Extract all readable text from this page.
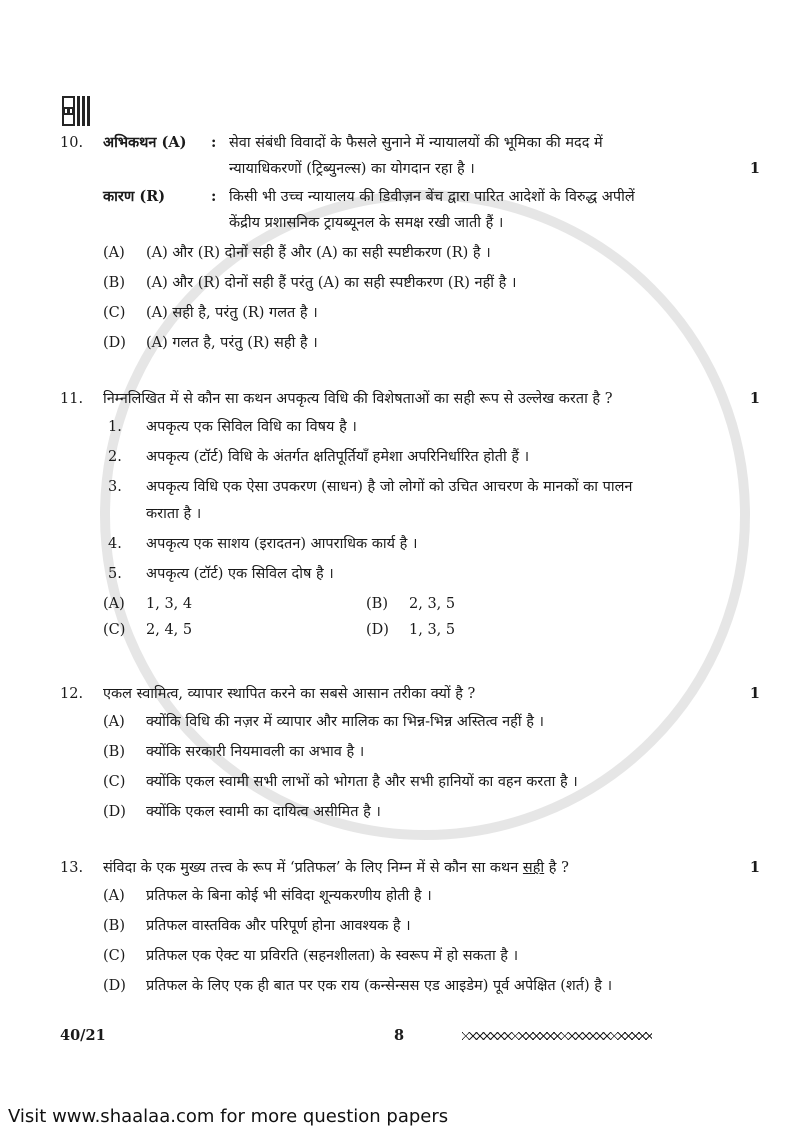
10.	अभिकथन (A)	: सेवा संबंधी विवादों के फैसले सुनाने में न्यायालयों की भूमिका की मदद में
न्यायाधिकरणों (ट्रिब्युनल्स) का योगदान रहा है ।	1
कारण (R)	: किसी भी उच्च न्यायालय की डिवीज़न बेंच द्वारा पारित आदेशों के विरुद्ध अपीलें
केंद्रीय प्रशासनिक ट्रायब्यूनल के समक्ष रखी जाती हैं ।
(A)	(A) और (R) दोनों सही हैं और (A) का सही स्पष्टीकरण (R) है ।
(B)	(A) और (R) दोनों सही हैं परंतु (A) का सही स्पष्टीकरण (R) नहीं है ।
(C)	(A) सही है, परंतु (R) गलत है ।
(D)	(A) गलत है, परंतु (R) सही है ।
11.	निम्नलिखित में से कौन सा कथन अपकृत्य विधि की विशेषताओं का सही रूप से उल्लेख करता है ?	1
1.	अपकृत्य एक सिविल विधि का विषय है ।
2.	अपकृत्य (टॉर्ट) विधि के अंतर्गत क्षतिपूर्तियाँ हमेशा अपरिनिर्धारित होती हैं ।
3.	अपकृत्य विधि एक ऐसा उपकरण (साधन) है जो लोगों को उचित आचरण के मानकों का पालन
कराता है ।
4.	अपकृत्य एक साशय (इरादतन) आपराधिक कार्य है ।
5.	अपकृत्य (टॉर्ट) एक सिविल दोष है ।
(A)	1, 3, 4	(B)	2, 3, 5
(C)	2, 4, 5	(D)	1, 3, 5
12.	एकल स्वामित्व, व्यापार स्थापित करने का सबसे आसान तरीका क्यों है ?	1
(A)	क्योंकि विधि की नज़र में व्यापार और मालिक का भिन्न-भिन्न अस्तित्व नहीं है ।
(B)	क्योंकि सरकारी नियमावली का अभाव है ।
(C)	क्योंकि एकल स्वामी सभी लाभों को भोगता है और सभी हानियों का वहन करता है ।
(D)	क्योंकि एकल स्वामी का दायित्व असीमित है ।
13.	संविदा के एक मुख्य तत्त्व के रूप में ‘प्रतिफल’ के लिए निम्न में से कौन सा कथन सही है ?	1
(A)	प्रतिफल के बिना कोई भी संविदा शून्यकरणीय होती है ।
(B)	प्रतिफल वास्तविक और परिपूर्ण होना आवश्यक है ।
(C)	प्रतिफल एक ऐक्ट या प्रविरति (सहनशीलता) के स्वरूप में हो सकता है ।
(D)	प्रतिफल के लिए एक ही बात पर एक राय (कन्सेन्सस एड आइडेम) पूर्व अपेक्षित (शर्त) है ।
40/21	8
Visit www.shaalaa.com for more question papers
